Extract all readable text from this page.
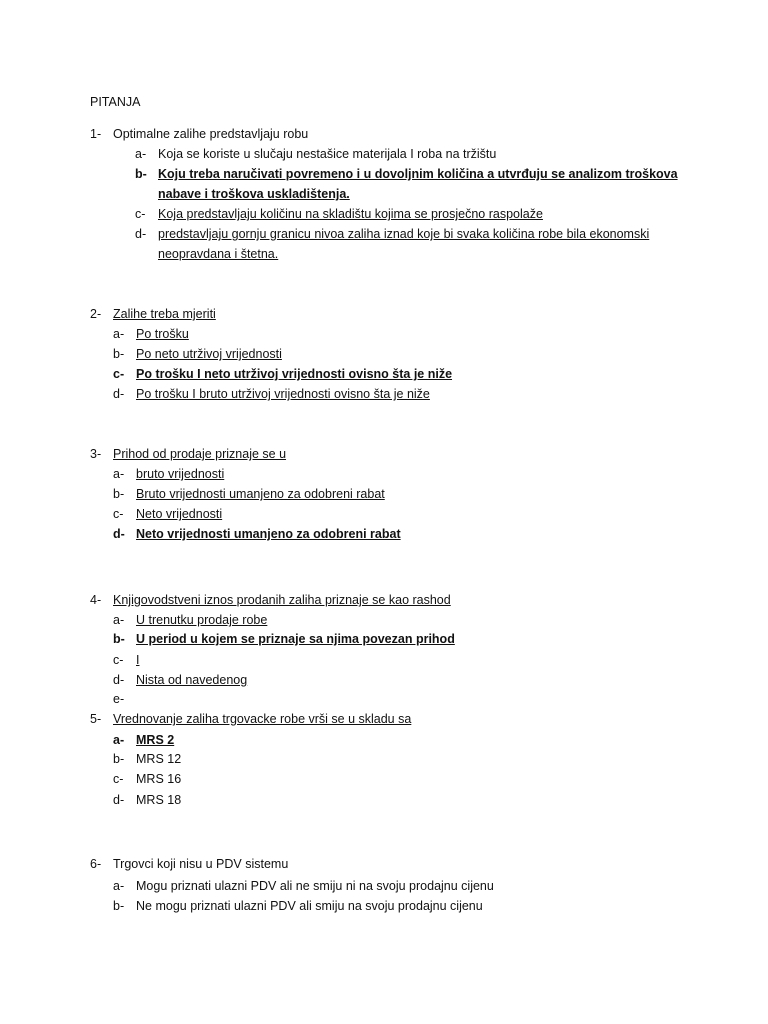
PITANJA
1- Optimalne zalihe predstavljaju robu
a- Koja se koriste u slučaju nestašice materijala I roba na tržištu
b- Koju treba naručivati povremeno i u dovoljnim količina a utvrđuju se analizom troškova
nabave i troškova uskladištenja.
c- Koja predstavljaju količinu na skladištu kojima se prosječno raspolaže
d- predstavljaju gornju granicu nivoa zaliha iznad koje bi svaka količina robe bila ekonomski
neopravdana i štetna.
2- Zalihe treba mjeriti
a- Po trošku
b- Po neto utrživoj vrijednosti
c- Po trošku I neto utrživoj vrijednosti ovisno šta je niže
d- Po trošku I bruto utrživoj vrijednosti ovisno šta je niže
3- Prihod od prodaje priznaje se u
a- bruto vrijednosti
b- Bruto vrijednosti umanjeno za odobreni rabat
c- Neto vrijednosti
d- Neto vrijednosti umanjeno za odobreni rabat
4- Knjigovodstveni iznos prodanih zaliha priznaje se kao rashod
a- U trenutku prodaje robe
b- U period u kojem se priznaje sa njima povezan prihod
c- I
d- Nista od navedenog
e-
5- Vrednovanje zaliha trgovacke robe vrši se u skladu sa
a- MRS 2
b- MRS 12
c- MRS 16
d- MRS 18
6- Trgovci koji nisu u PDV sistemu
a- Mogu priznati ulazni PDV ali ne smiju ni na svoju prodajnu cijenu
b- Ne mogu priznati ulazni PDV ali smiju na svoju prodajnu cijenu
